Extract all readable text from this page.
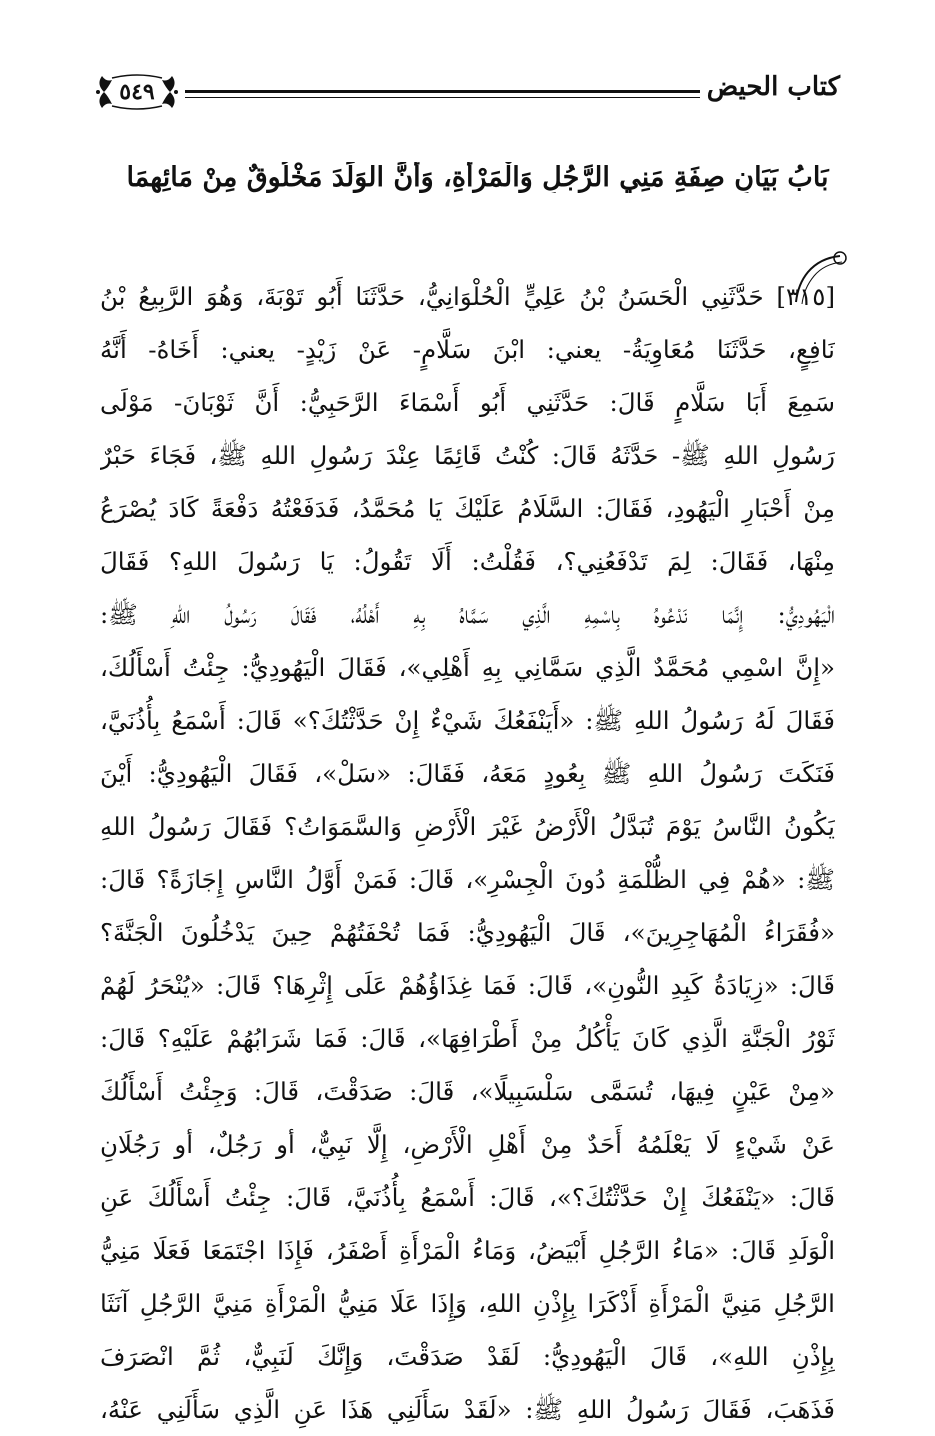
٥٤٩	كتاب الحيض
بَابُ بَيَانِ صِفَةِ مَنِي الرَّجُلِ وَالْمَرْأَةِ، وَأَنَّ الوَلَدَ مَخْلُوقٌ مِنْ مَائِهِمَا
[٣١٥] حَدَّثَنِي الْحَسَنُ بْنُ عَلِيٍّ الْحُلْوَانِيُّ، حَدَّثَنَا أَبُو تَوْبَةَ، وَهُوَ الرَّبِيعُ بْنُ
نَافِعٍ، حَدَّثَنَا مُعَاوِيَةُ- يعني: ابْنَ سَلَّامٍ- عَنْ زَيْدٍ- يعني: أَخَاهُ- أَنَّهُ
سَمِعَ أَبَا سَلَّامٍ قَالَ: حَدَّثَنِي أَبُو أَسْمَاءَ الرَّحَبِيُّ: أَنَّ ثَوْبَانَ- مَوْلَى
رَسُولِ اللهِ ﷺ- حَدَّثَهُ قَالَ: كُنْتُ قَائِمًا عِنْدَ رَسُولِ اللهِ ﷺ، فَجَاءَ حَبْرٌ
مِنْ أَحْبَارِ الْيَهُودِ، فَقَالَ: السَّلَامُ عَلَيْكَ يَا مُحَمَّدُ، فَدَفَعْتُهُ دَفْعَةً كَادَ يُصْرَعُ
مِنْهَا، فَقَالَ: لِمَ تَدْفَعُنِي؟، فَقُلْتُ: أَلَا تَقُولُ: يَا رَسُولَ اللهِ؟ فَقَالَ
الْيَهُودِيُّ: إِنَّمَا نَدْعُوهُ بِاسْمِهِ الَّذِي سَمَّاهُ بِهِ أَهْلُهُ، فَقَالَ رَسُولُ اللهِ ﷺ:
«إِنَّ اسْمِي مُحَمَّدٌ الَّذِي سَمَّانِي بِهِ أَهْلِي»، فَقَالَ الْيَهُودِيُّ: جِئْتُ أَسْأَلُكَ،
فَقَالَ لَهُ رَسُولُ اللهِ ﷺ: «أَيَنْفَعُكَ شَيْءٌ إِنْ حَدَّثْتُكَ؟» قَالَ: أَسْمَعُ بِأُذُنَيَّ،
فَنَكَتَ رَسُولُ اللهِ ﷺ بِعُودٍ مَعَهُ، فَقَالَ: «سَلْ»، فَقَالَ الْيَهُودِيُّ: أَيْنَ
يَكُونُ النَّاسُ يَوْمَ تُبَدَّلُ الْأَرْضُ غَيْرَ الْأَرْضِ وَالسَّمَوَاتُ؟ فَقَالَ رَسُولُ اللهِ
ﷺ: «هُمْ فِي الظُّلْمَةِ دُونَ الْجِسْرِ»، قَالَ: فَمَنْ أَوَّلُ النَّاسِ إِجَازَةً؟ قَالَ:
«فُقَرَاءُ الْمُهَاجِرِينَ»، قَالَ الْيَهُودِيُّ: فَمَا تُحْفَتُهُمْ حِينَ يَدْخُلُونَ الْجَنَّةَ؟
قَالَ: «زِيَادَةُ كَبِدِ النُّونِ»، قَالَ: فَمَا غِذَاؤُهُمْ عَلَى إِثْرِهَا؟ قَالَ: «يُنْحَرُ لَهُمْ
ثَوْرُ الْجَنَّةِ الَّذِي كَانَ يَأْكُلُ مِنْ أَطْرَافِهَا»، قَالَ: فَمَا شَرَابُهُمْ عَلَيْهِ؟ قَالَ:
«مِنْ عَيْنٍ فِيهَا، تُسَمَّى سَلْسَبِيلًا»، قَالَ: صَدَقْتَ، قَالَ: وَجِئْتُ أَسْأَلُكَ
عَنْ شَيْءٍ لَا يَعْلَمُهُ أَحَدٌ مِنْ أَهْلِ الْأَرْضِ، إِلَّا نَبِيٌّ، أو رَجُلٌ، أو رَجُلَانِ
قَالَ: «يَنْفَعُكَ إِنْ حَدَّثْتُكَ؟»، قَالَ: أَسْمَعُ بِأُذُنَيَّ، قَالَ: جِئْتُ أَسْأَلُكَ عَنِ
الْوَلَدِ قَالَ: «مَاءُ الرَّجُلِ أَبْيَضُ، وَمَاءُ الْمَرْأَةِ أَصْفَرُ، فَإِذَا اجْتَمَعَا فَعَلَا مَنِيُّ
الرَّجُلِ مَنِيَّ الْمَرْأَةِ أَذْكَرَا بِإِذْنِ اللهِ، وَإِذَا عَلَا مَنِيُّ الْمَرْأَةِ مَنِيَّ الرَّجُلِ آنَثَا
بِإِذْنِ اللهِ»، قَالَ الْيَهُودِيُّ: لَقَدْ صَدَقْتَ، وَإِنَّكَ لَنَبِيٌّ، ثُمَّ انْصَرَفَ
فَذَهَبَ، فَقَالَ رَسُولُ اللهِ ﷺ: «لَقَدْ سَأَلَنِي هَذَا عَنِ الَّذِي سَأَلَنِي عَنْهُ،
